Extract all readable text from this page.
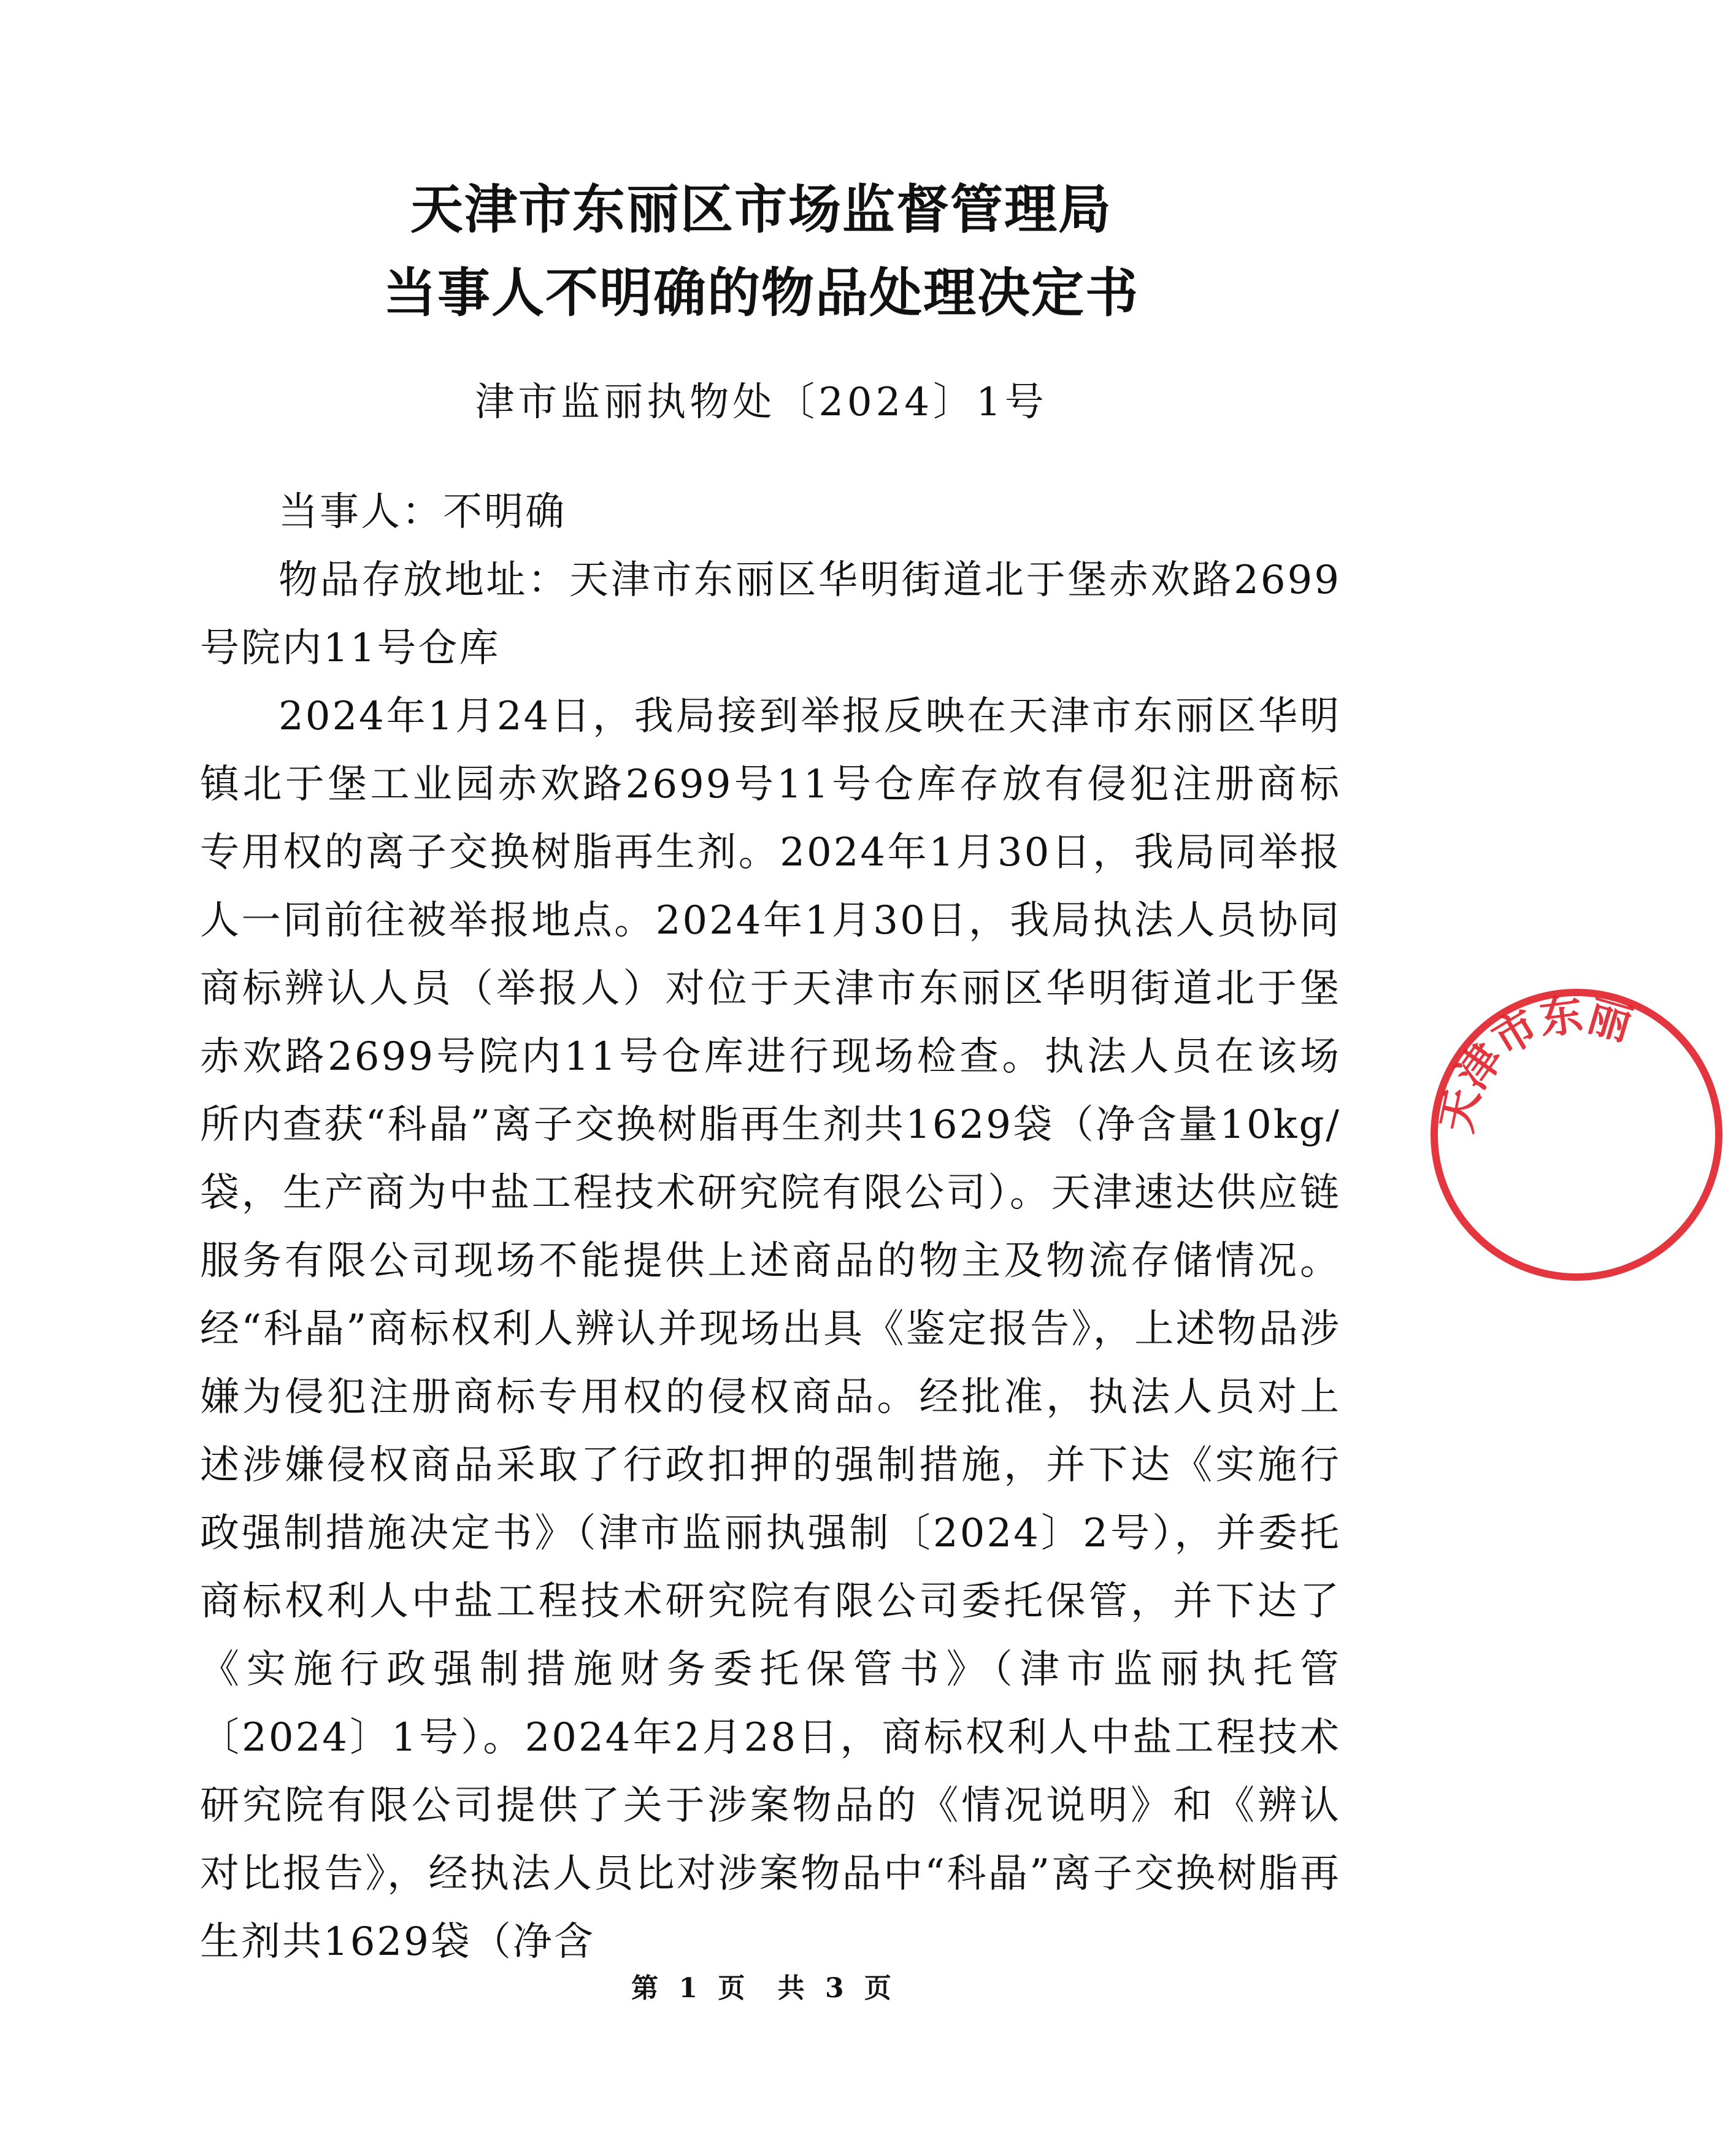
天津市东丽区市场监督管理局
当事人不明确的物品处理决定书
津市监丽执物处〔2024〕1号

当事人：不明确

物品存放地址：天津市东丽区华明街道北于堡赤欢路2699号院内11号仓库

2024年1月24日，我局接到举报反映在天津市东丽区华明镇北于堡工业园赤欢路2699号11号仓库存放有侵犯注册商标专用权的离子交换树脂再生剂。2024年1月30日，我局同举报人一同前往被举报地点。2024年1月30日，我局执法人员协同商标辨认人员（举报人）对位于天津市东丽区华明街道北于堡赤欢路2699号院内11号仓库进行现场检查。执法人员在该场所内查获“科晶”离子交换树脂再生剂共1629袋（净含量10kg/袋，生产商为中盐工程技术研究院有限公司）。天津速达供应链服务有限公司现场不能提供上述商品的物主及物流存储情况。经“科晶”商标权利人辨认并现场出具《鉴定报告》，上述物品涉嫌为侵犯注册商标专用权的侵权商品。经批准，执法人员对上述涉嫌侵权商品采取了行政扣押的强制措施，并下达《实施行政强制措施决定书》（津市监丽执强制〔2024〕2号），并委托商标权利人中盐工程技术研究院有限公司委托保管，并下达了《实施行政强制措施财务委托保管书》（津市监丽执托管〔2024〕1号）。2024年2月28日，商标权利人中盐工程技术研究院有限公司提供了关于涉案物品的《情况说明》和《辨认对比报告》，经执法人员比对涉案物品中“科晶”离子交换树脂再生剂共1629袋（净含

第 1 页 共 3 页
天津市东丽
